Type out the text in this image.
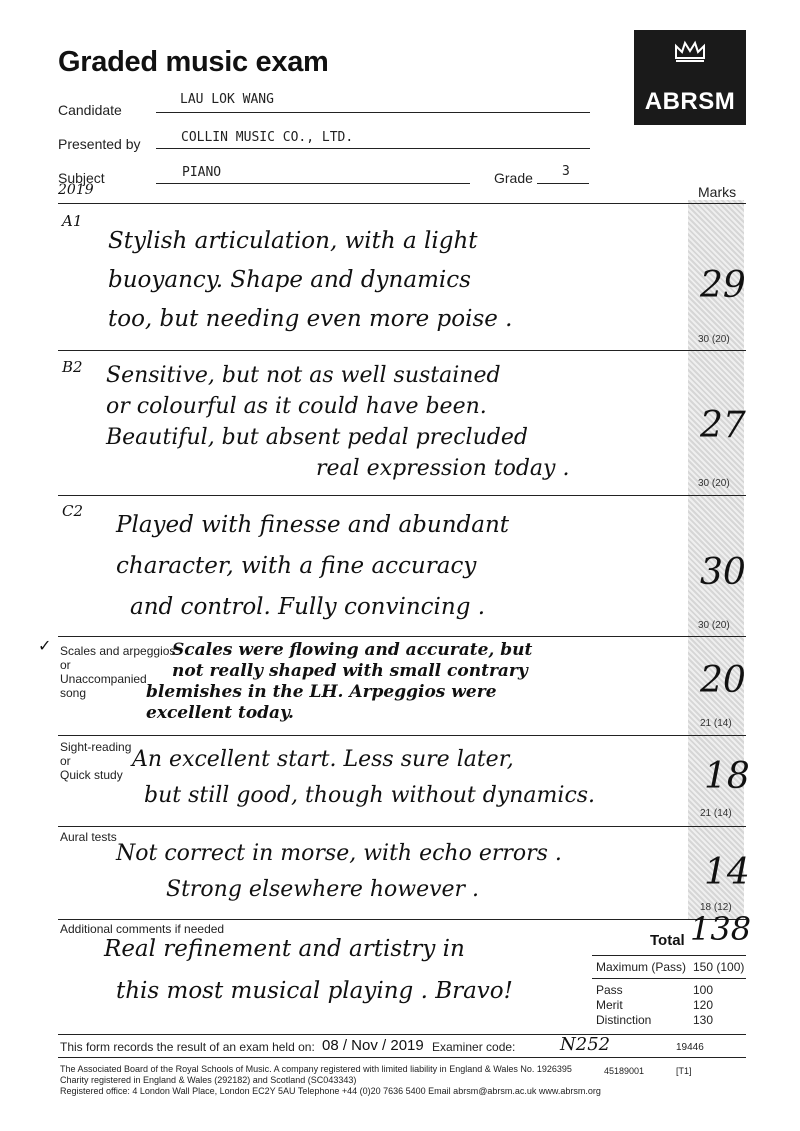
Graded music exam
ABRSM
Candidate
LAU LOK WANG
Presented by	COLLIN MUSIC CO., LTD.
Subject
2019
PIANO	Grade 3
Marks
A1
Stylish articulation, with a light
buoyancy. Shape and dynamics
too, but needing even more poise .
29
30 (20)
B2 Sensitive, but not as well sustained
or colourful as it could have been.
Beautiful, but absent pedal precluded
real expression today .
27
30 (20)
C2
Played with finesse and abundant
character, with a fine accuracy
and control. Fully convincing .
30
30 (20)
✓ Scales and arpeggios
or
Unaccompanied
song
Scales were flowing and accurate, but
not really shaped with small contrary
blemishes in the LH. Arpeggios were
excellent today.
20
21 (14)
Sight-reading
or
Quick study
An excellent start. Less sure later,
but still good, though without dynamics.	18
21 (14)
Aural tests
Not correct in morse, with echo errors .
Strong elsewhere however .	14
18 (12)
Additional comments if needed
Real refinement and artistry in
this most musical playing . Bravo!
Total 138
Maximum (Pass) 150 (100)
Pass	100
Merit	120
Distinction	130
This form records the result of an exam held on: 08 / Nov / 2019 Examiner code: N252	19446
The Associated Board of the Royal Schools of Music. A company registered with limited liability in England & Wales No. 1926395
Charity registered in England & Wales (292182) and Scotland (SC043343)
Registered office: 4 London Wall Place, London EC2Y 5AU Telephone +44 (0)20 7636 5400 Email abrsm@abrsm.ac.uk www.abrsm.org
45189001	[T1]
